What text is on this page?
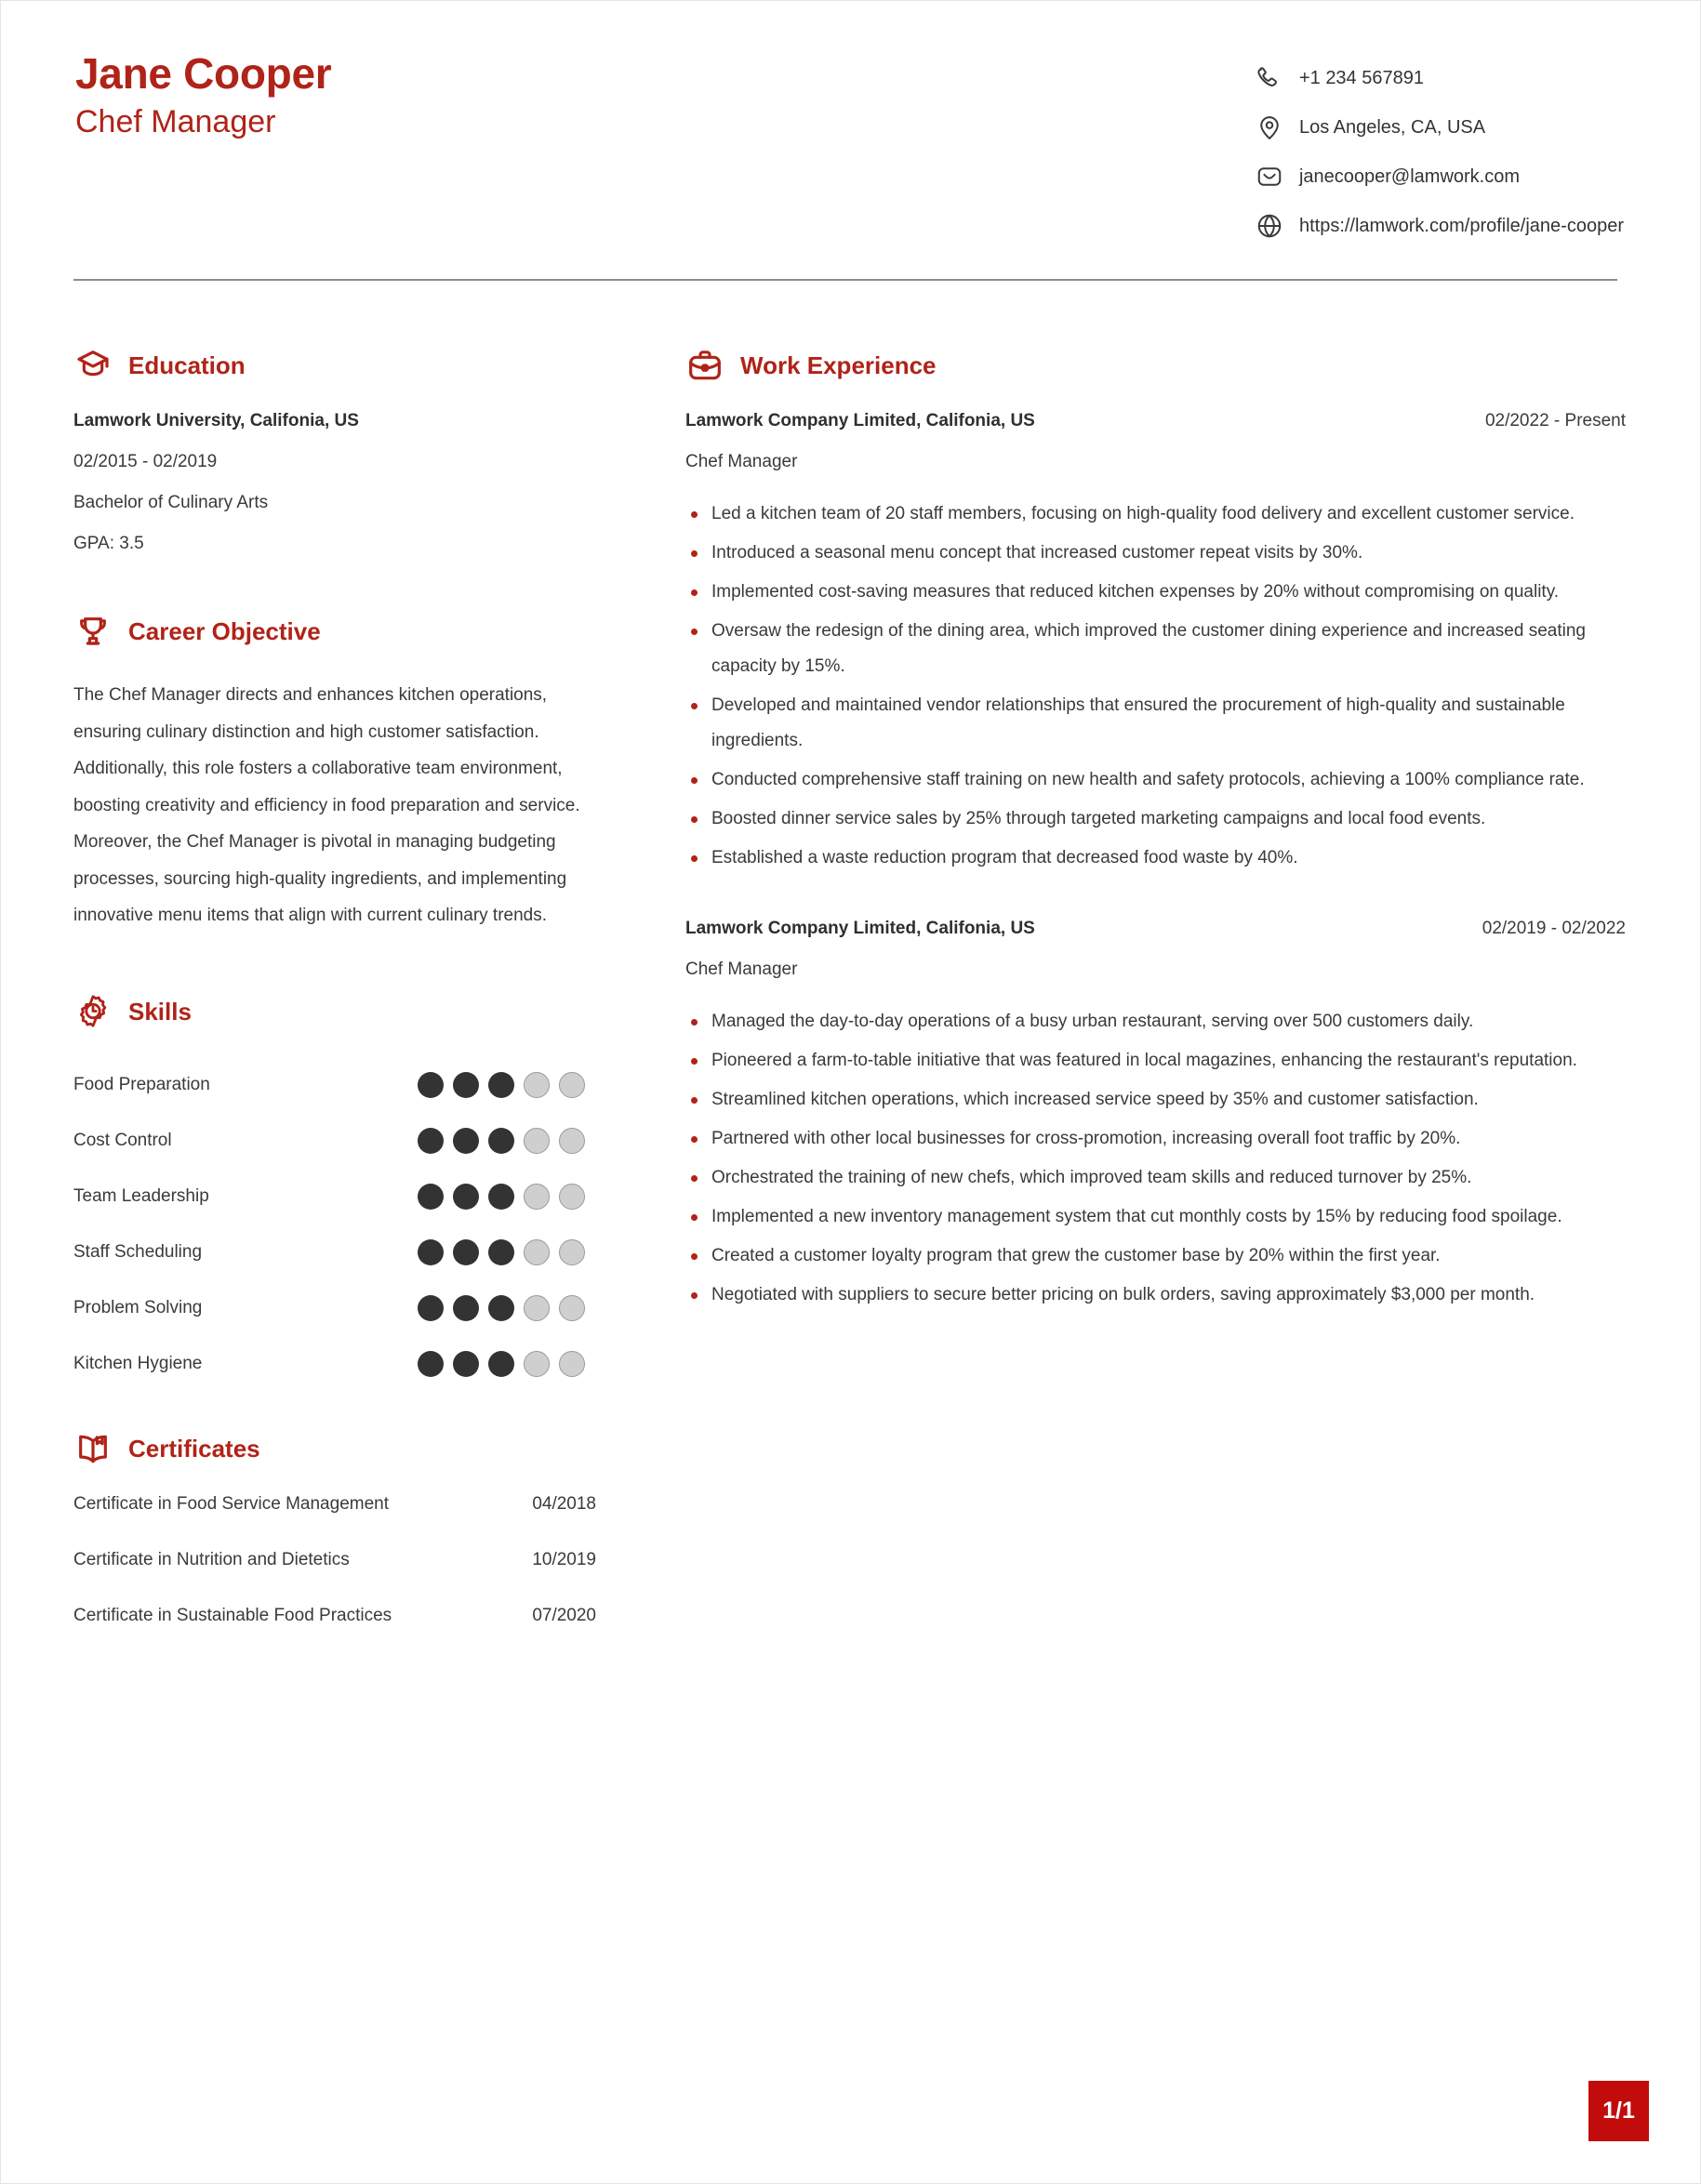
Jane Cooper
Chef Manager
+1 234 567891
Los Angeles, CA, USA
janecooper@lamwork.com
https://lamwork.com/profile/jane-cooper
Education
Lamwork University, Califonia, US
02/2015 - 02/2019
Bachelor of Culinary Arts
GPA: 3.5
Career Objective
The Chef Manager directs and enhances kitchen operations, ensuring culinary distinction and high customer satisfaction. Additionally, this role fosters a collaborative team environment, boosting creativity and efficiency in food preparation and service. Moreover, the Chef Manager is pivotal in managing budgeting processes, sourcing high-quality ingredients, and implementing innovative menu items that align with current culinary trends.
Skills
Food Preparation
Cost Control
Team Leadership
Staff Scheduling
Problem Solving
Kitchen Hygiene
Certificates
Certificate in Food Service Management	04/2018
Certificate in Nutrition and Dietetics	10/2019
Certificate in Sustainable Food Practices	07/2020
Work Experience
Lamwork Company Limited, Califonia, US	02/2022 - Present
Chef Manager
Led a kitchen team of 20 staff members, focusing on high-quality food delivery and excellent customer service.
Introduced a seasonal menu concept that increased customer repeat visits by 30%.
Implemented cost-saving measures that reduced kitchen expenses by 20% without compromising on quality.
Oversaw the redesign of the dining area, which improved the customer dining experience and increased seating capacity by 15%.
Developed and maintained vendor relationships that ensured the procurement of high-quality and sustainable ingredients.
Conducted comprehensive staff training on new health and safety protocols, achieving a 100% compliance rate.
Boosted dinner service sales by 25% through targeted marketing campaigns and local food events.
Established a waste reduction program that decreased food waste by 40%.
Lamwork Company Limited, Califonia, US	02/2019 - 02/2022
Chef Manager
Managed the day-to-day operations of a busy urban restaurant, serving over 500 customers daily.
Pioneered a farm-to-table initiative that was featured in local magazines, enhancing the restaurant's reputation.
Streamlined kitchen operations, which increased service speed by 35% and customer satisfaction.
Partnered with other local businesses for cross-promotion, increasing overall foot traffic by 20%.
Orchestrated the training of new chefs, which improved team skills and reduced turnover by 25%.
Implemented a new inventory management system that cut monthly costs by 15% by reducing food spoilage.
Created a customer loyalty program that grew the customer base by 20% within the first year.
Negotiated with suppliers to secure better pricing on bulk orders, saving approximately $3,000 per month.
1/1
